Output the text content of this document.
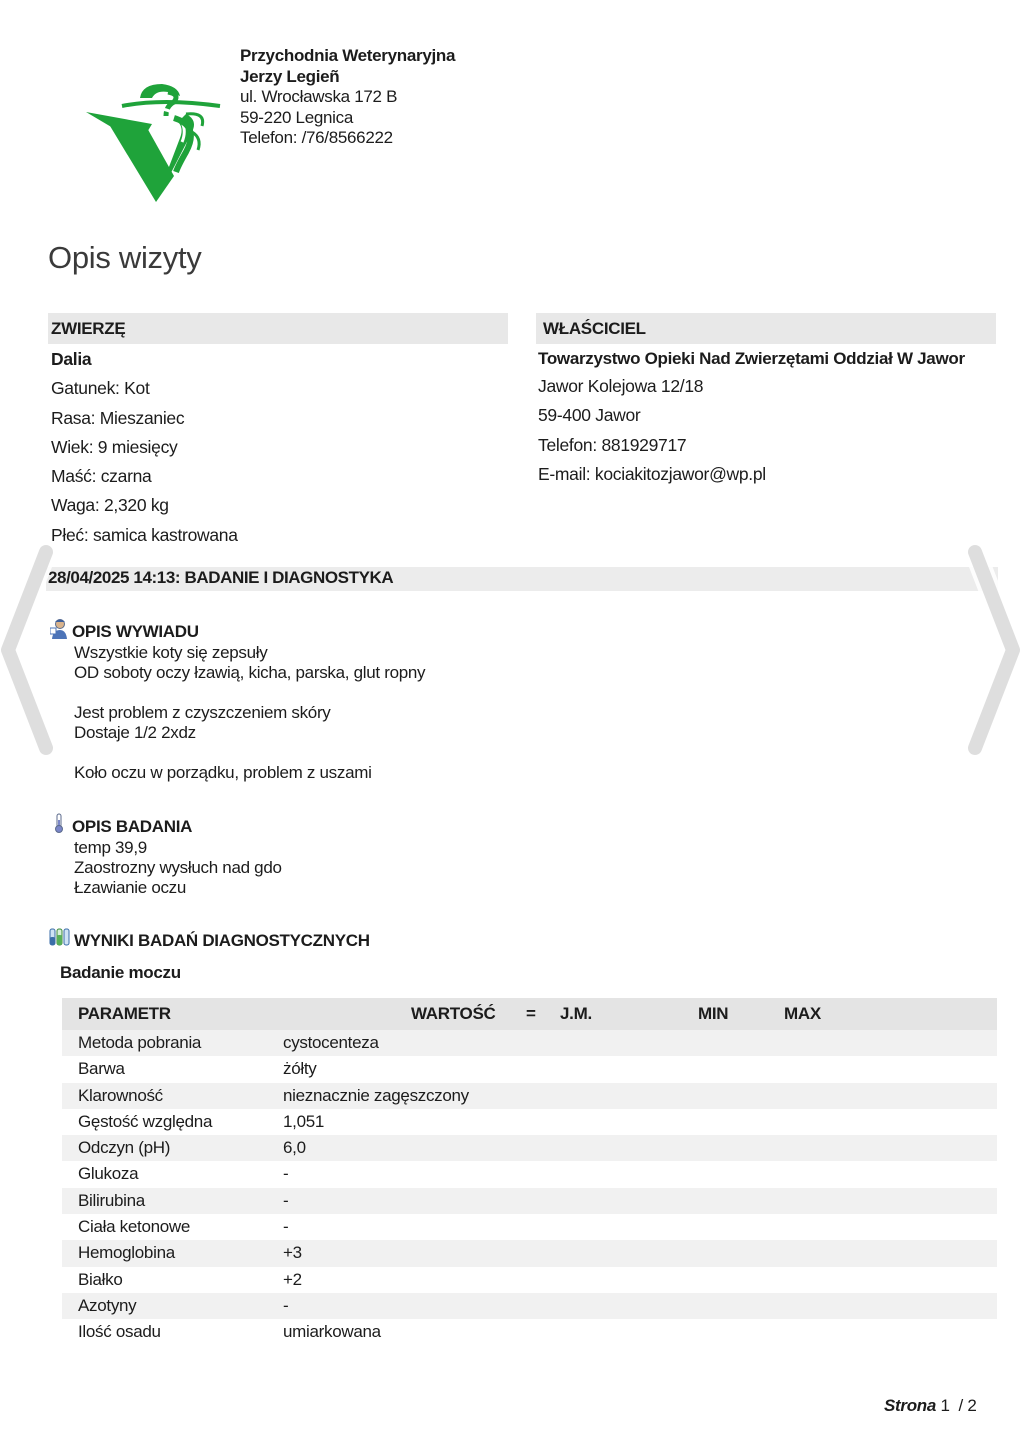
Przychodnia Weterynaryjna
Jerzy Legieñ
ul. Wrocławska 172 B
59-220 Legnica
Telefon: /76/8566222
Opis wizyty
ZWIERZĘ
Dalia
Gatunek: Kot
Rasa: Mieszaniec
Wiek: 9 miesięcy
Maść: czarna
Waga: 2,320 kg
Płeć: samica kastrowana
WŁAŚCICIEL
Towarzystwo Opieki Nad Zwierzętami Oddział W Jawor
Jawor Kolejowa 12/18
59-400 Jawor
Telefon: 881929717
E-mail: kociakitozjawor@wp.pl
28/04/2025 14:13: BADANIE I DIAGNOSTYKA
OPIS WYWIADU
Wszystkie koty się zepsuły
OD soboty oczy łzawią, kicha, parska, glut ropny

Jest problem z czyszczeniem skóry
Dostaje 1/2 2xdz

Koło oczu w porządku, problem z uszami
OPIS BADANIA
temp 39,9
Zaostrozny wysłuch nad gdo
Łzawianie oczu
WYNIKI BADAŃ DIAGNOSTYCZNYCH
Badanie moczu
PARAMETR	WARTOŚĆ = J.M.	MIN	MAX
Metoda pobrania	cystocenteza
Barwa	żółty
Klarowność	nieznacznie zagęszczony
Gęstość względna	1,051
Odczyn (pH)	6,0
Glukoza	-
Bilirubina	-
Ciała ketonowe	-
Hemoglobina	+3
Białko	+2
Azotyny	-
Ilość osadu	umiarkowana
Strona 1 / 2
